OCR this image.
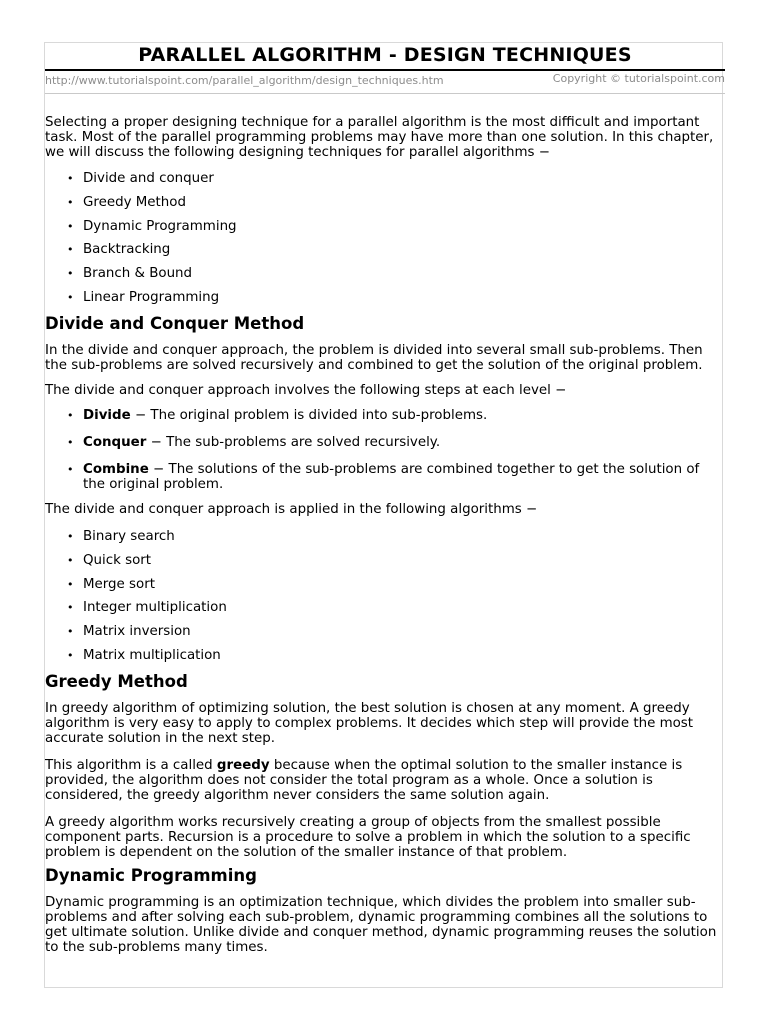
PARALLEL ALGORITHM - DESIGN TECHNIQUES
http://www.tutorialspoint.com/parallel_algorithm/design_techniques.htm	Copyright © tutorialspoint.com

Selecting a proper designing technique for a parallel algorithm is the most difficult and important task. Most of the parallel programming problems may have more than one solution. In this chapter, we will discuss the following designing techniques for parallel algorithms −

• Divide and conquer
• Greedy Method
• Dynamic Programming
• Backtracking
• Branch & Bound
• Linear Programming
Divide and Conquer Method

In the divide and conquer approach, the problem is divided into several small sub-problems. Then the sub-problems are solved recursively and combined to get the solution of the original problem.

The divide and conquer approach involves the following steps at each level −

• Divide − The original problem is divided into sub-problems.
• Conquer − The sub-problems are solved recursively.
• Combine − The solutions of the sub-problems are combined together to get the solution of the original problem.

The divide and conquer approach is applied in the following algorithms −

• Binary search
• Quick sort
• Merge sort
• Integer multiplication
• Matrix inversion
• Matrix multiplication
Greedy Method

In greedy algorithm of optimizing solution, the best solution is chosen at any moment. A greedy algorithm is very easy to apply to complex problems. It decides which step will provide the most accurate solution in the next step.

This algorithm is a called greedy because when the optimal solution to the smaller instance is provided, the algorithm does not consider the total program as a whole. Once a solution is considered, the greedy algorithm never considers the same solution again.

A greedy algorithm works recursively creating a group of objects from the smallest possible component parts. Recursion is a procedure to solve a problem in which the solution to a specific problem is dependent on the solution of the smaller instance of that problem.

Dynamic Programming

Dynamic programming is an optimization technique, which divides the problem into smaller sub-problems and after solving each sub-problem, dynamic programming combines all the solutions to get ultimate solution. Unlike divide and conquer method, dynamic programming reuses the solution to the sub-problems many times.
